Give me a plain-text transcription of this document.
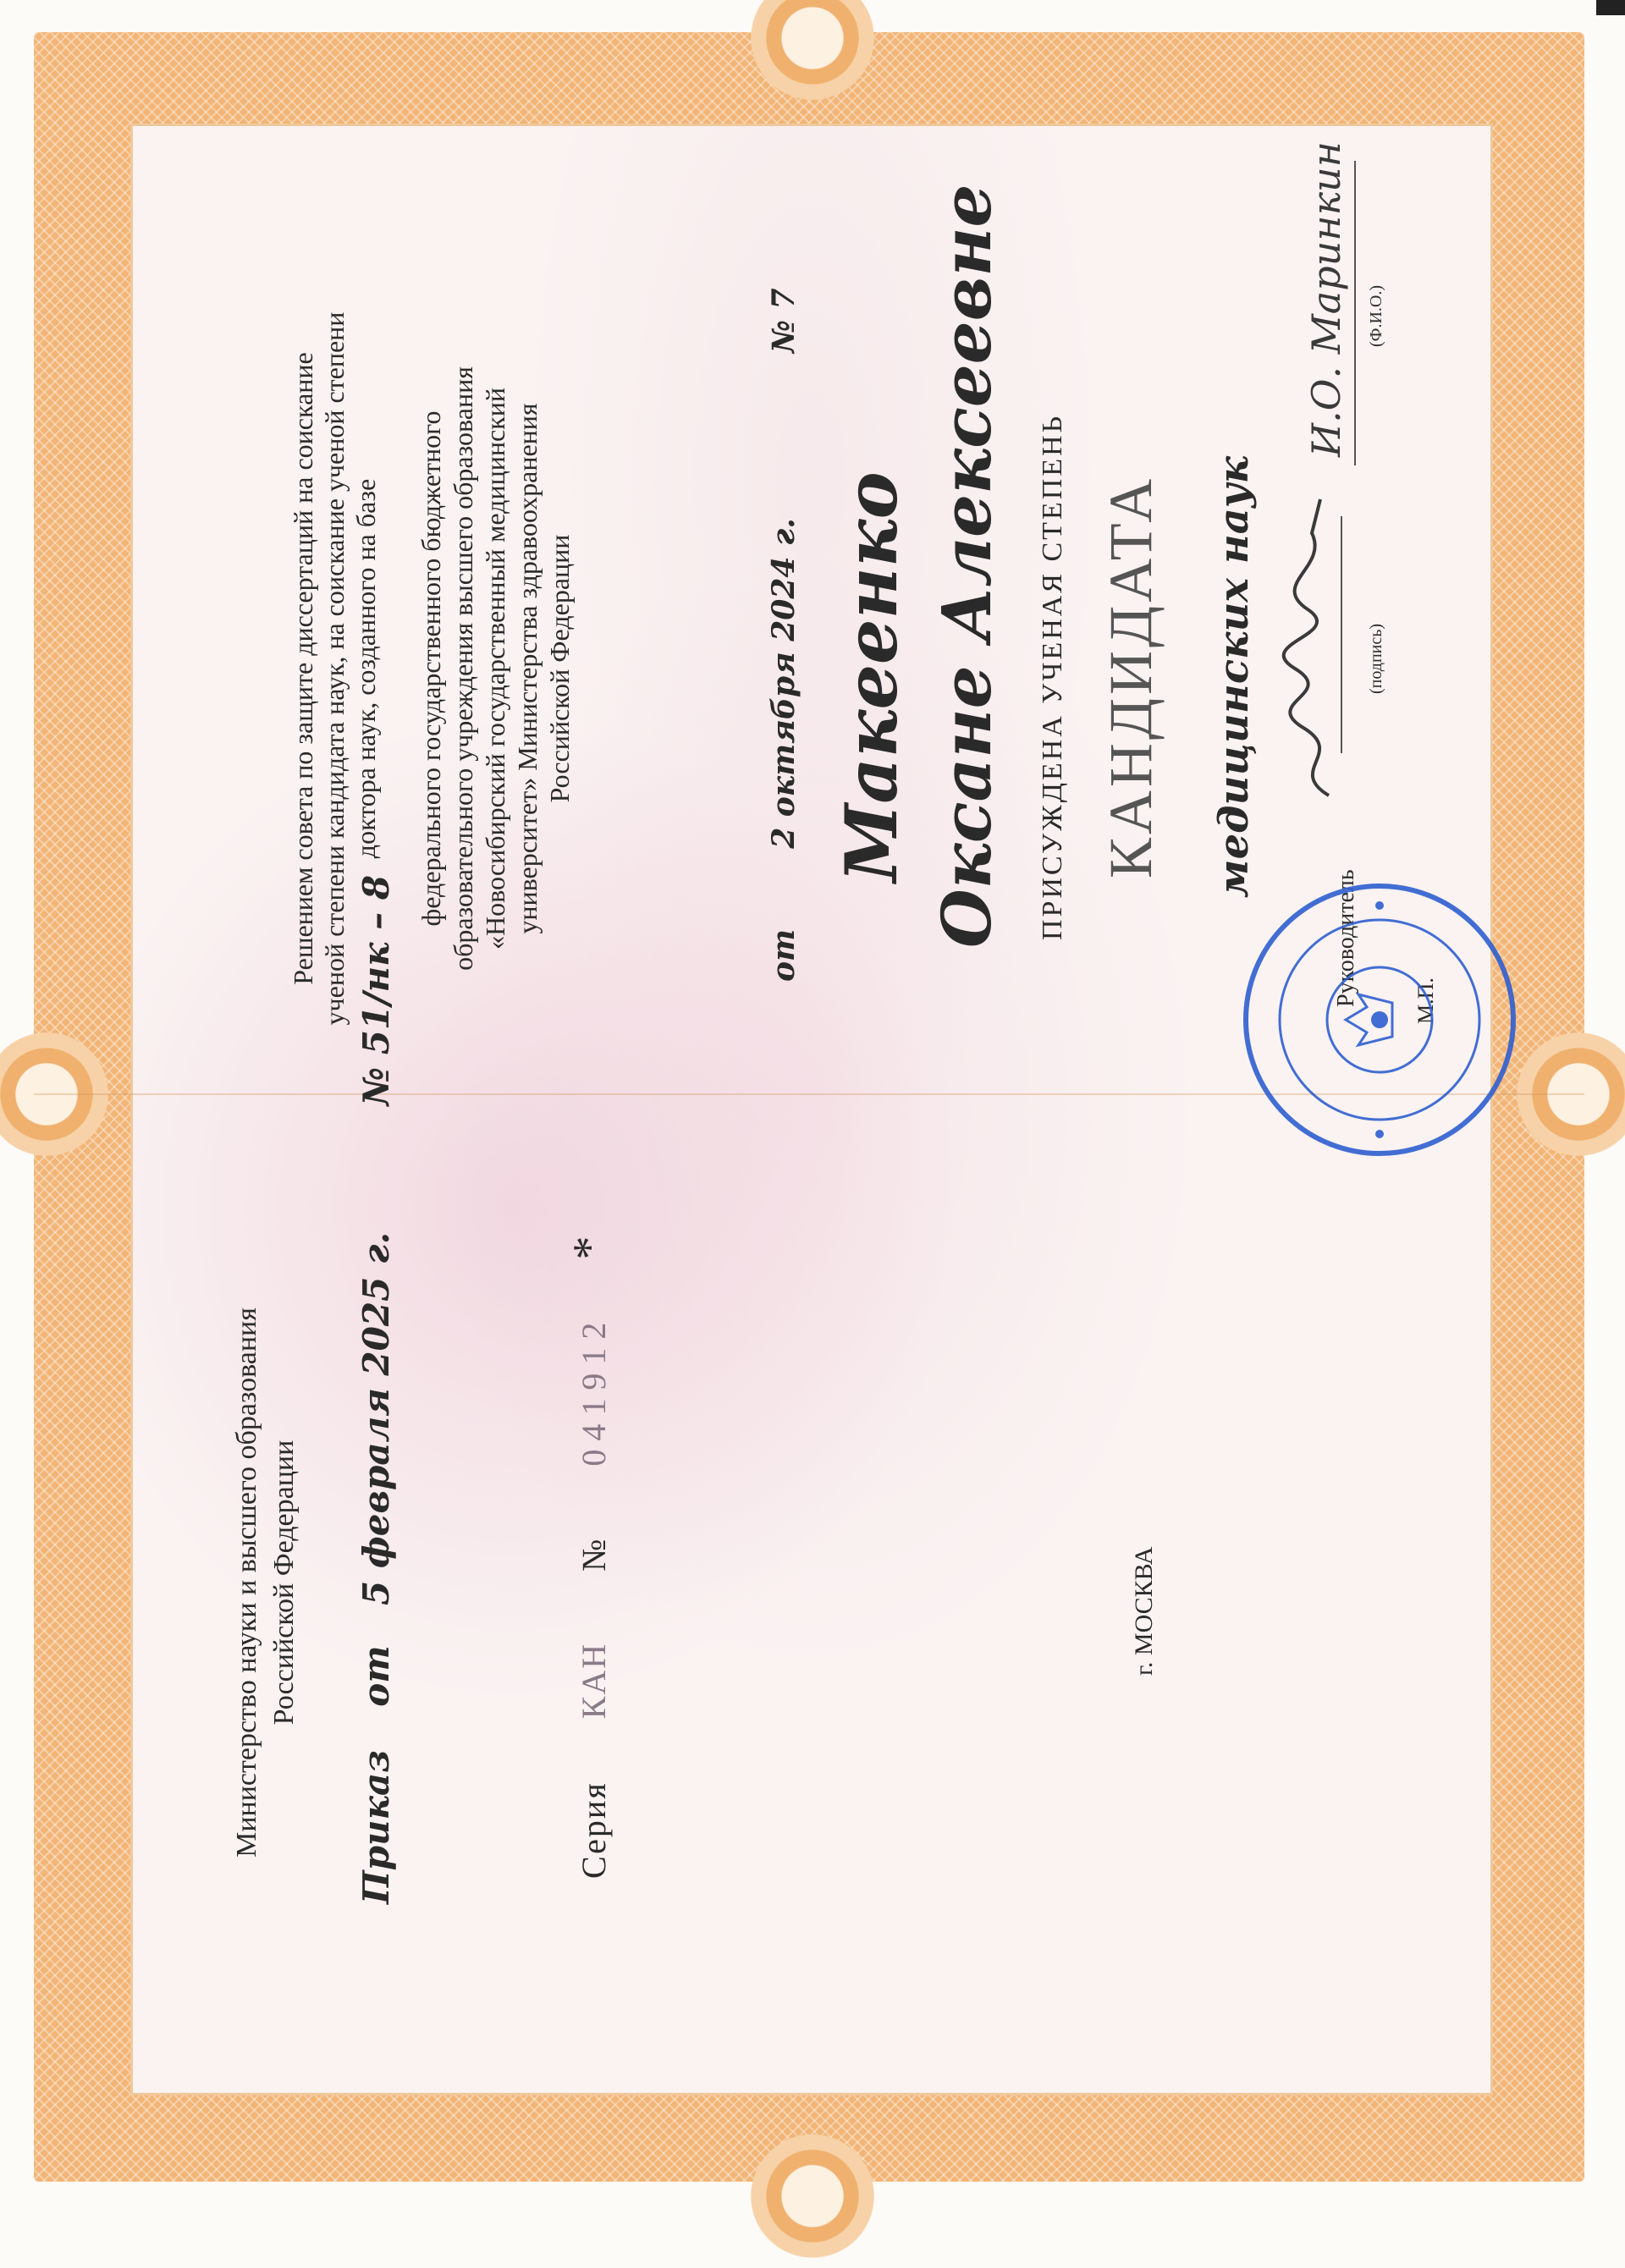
Министерство науки и высшего образования Российской Федерации
Приказ  от  5 февраля 2025 г.  № 51/нк – 8
Серия  КАН  №  041912  *
г. МОСКВА
Решением совета по защите диссертаций на соискание ученой степени кандидата наук, на соискание ученой степени доктора наук, созданного на базе федерального государственного бюджетного образовательного учреждения высшего образования «Новосибирский государственный медицинский университет» Министерства здравоохранения Российской Федерации
от  2 октября 2024 г.  № 7
Макеенко Оксане Алексеевне ПРИСУЖДЕНА УЧЕНАЯ СТЕПЕНЬ КАНДИДАТА медицинских наук
Руководитель
(подпись)
И.О. Маринкин (Ф.И.О.)
М.П.
